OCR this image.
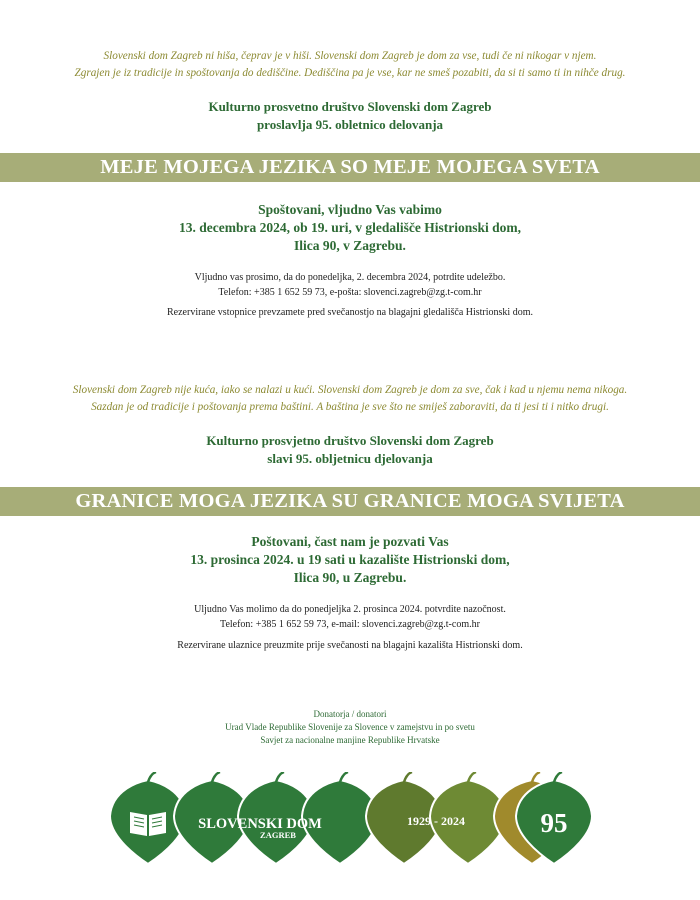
Slovenski dom Zagreb ni hiša, čeprav je v hiši. Slovenski dom Zagreb je dom za vse, tudi če ni nikogar v njem.
Zgrajen je iz tradicije in spoštovanja do dediščine. Dediščina pa je vse, kar ne smeš pozabiti, da si ti samo ti in nihče drug.
Kulturno prosvetno društvo Slovenski dom Zagreb
proslavlja 95. obletnico delovanja
MEJE MOJEGA JEZIKA SO MEJE MOJEGA SVETA
Spoštovani, vljudno Vas vabimo
13. decembra 2024, ob 19. uri, v gledališče Histrionski dom,
Ilica 90, v Zagrebu.
Vljudno vas prosimo, da do ponedeljka, 2. decembra 2024, potrdite udeležbo.
Telefon: +385 1 652 59 73, e-pošta: slovenci.zagreb@zg.t-com.hr
Rezervirane vstopnice prevzamete pred svečanostjo na blagajni gledališča Histrionski dom.
Slovenski dom Zagreb nije kuća, iako se nalazi u kući. Slovenski dom Zagreb je dom za sve, čak i kad u njemu nema nikoga.
Sazdan je od tradicije i poštovanja prema baštini. A baština je sve što ne smiješ zaboraviti, da ti jesi ti i nitko drugi.
Kulturno prosvjetno društvo Slovenski dom Zagreb
slavi 95. obljetnicu djelovanja
GRANICE MOGA JEZIKA SU GRANICE MOGA SVIJETA
Poštovani, čast nam je pozvati Vas
13. prosinca 2024. u 19 sati u kazalište Histrionski dom,
Ilica 90, u Zagrebu.
Uljudno Vas molimo da do ponedjeljka 2. prosinca 2024. potvrdite nazočnost.
Telefon: +385 1 652 59 73, e-mail: slovenci.zagreb@zg.t-com.hr
Rezervirane ulaznice preuzmite prije svečanosti na blagajni kazališta Histrionski dom.
Donatorja / donatori
Urad Vlade Republike Slovenije za Slovence v zamejstvu in po svetu
Savjet za nacionalne manjine Republike Hrvatske
SLOVENSKI DOM
ZAGREB
1929 - 2024	95
